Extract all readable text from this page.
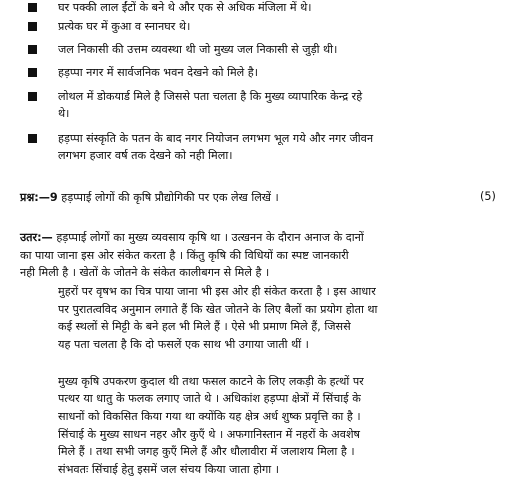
घर पक्की लाल ईंटों के बने थे और एक से अधिक मंजिला में थे।
प्रत्येक घर में कुआ व स्नानघर थे।
जल निकासी की उत्तम व्यवस्था थी जो मुख्य जल निकासी से जुड़ी थी।
हड़प्पा नगर में सार्वजनिक भवन देखने को मिले है।
लोथल में डोकयार्ड मिले है जिससे पता चलता है कि मुख्य व्यापारिक केन्द्र रहे
थे।
हड़प्पा संस्कृति के पतन के बाद नगर नियोजन लगभग भूल गये और नगर जीवन
लगभग हजार वर्ष तक देखने को नही मिला।
प्रश्न:—9 हड़प्पाई लोगों की कृषि प्रौद्योगिकी पर एक लेख लिखें ।	(5)
उतर:— हड़प्पाई लोगों का मुख्य व्यवसाय कृषि था । उत्खनन के दौरान अनाज के दानों
का पाया जाना इस ओर संकेत करता है । किंतु कृषि की विधियों का स्पष्ट जानकारी
नही मिली है । खेतों के जोतने के संकेत कालीबगन से मिले है ।
मुहरों पर वृषभ का चित्र पाया जाना भी इस ओर ही संकेत करता है । इस आधार
पर पुरातत्वविद अनुमान लगाते हैं कि खेत जोतने के लिए बैलों का प्रयोग होता था
कई स्थलों से मिट्टी के बने हल भी मिले हैं । ऐसे भी प्रमाण मिले हैं, जिससे
यह पता चलता है कि दो फसलें एक साथ भी उगाया जाती थीं ।
मुख्य कृषि उपकरण कुदाल थी तथा फसल काटने के लिए लकड़ी के हत्थों पर
पत्थर या धातु के फलक लगाए जाते थे । अधिकांश हड़प्पा क्षेत्रों में सिंचाई के
साधनों को विकसित किया गया था क्योंकि यह क्षेत्र अर्ध शुष्क प्रवृत्ति का है ।
सिंचाई के मुख्य साधन नहर और कुएँ थे । अफगानिस्तान में नहरों के अवशेष
मिले हैं । तथा सभी जगह कुएँ मिले हैं और धौलावीरा में जलाशय मिला है ।
संभवतः सिंचाई हेतु इसमें जल संचय किया जाता होगा ।
